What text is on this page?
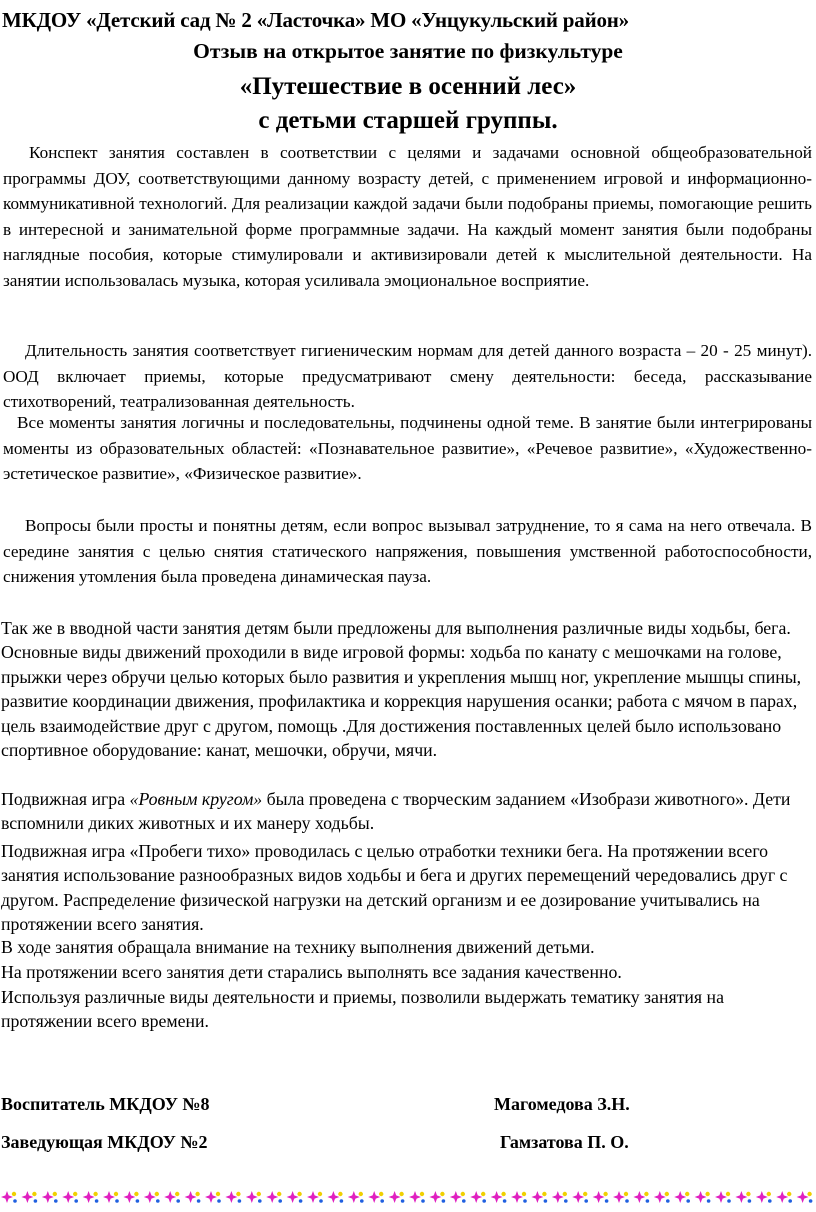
МКДОУ «Детский сад № 2 «Ласточка» МО «Унцукульский район»
Отзыв на открытое занятие по физкультуре
«Путешествие в осенний лес»
с детьми старшей группы.
Конспект занятия составлен в соответствии с целями и задачами основной общеобразовательной программы ДОУ, соответствующими данному возрасту детей, с применением игровой и информационно-коммуникативной технологий. Для реализации каждой задачи были подобраны приемы, помогающие решить в интересной и занимательной форме программные задачи. На каждый момент занятия были подобраны наглядные пособия, которые стимулировали и активизировали детей к мыслительной деятельности. На занятии использовалась музыка, которая усиливала эмоциональное восприятие.
Длительность занятия соответствует гигиеническим нормам для детей данного возраста – 20 - 25 минут). ООД включает приемы, которые предусматривают смену деятельности: беседа, рассказывание стихотворений, театрализованная деятельность.
Все моменты занятия логичны и последовательны, подчинены одной теме. В занятие были интегрированы моменты из образовательных областей: «Познавательное развитие», «Речевое развитие», «Художественно-эстетическое развитие», «Физическое развитие».
Вопросы были просты и понятны детям, если вопрос вызывал затруднение, то я сама на него отвечала. В середине занятия с целью снятия статического напряжения, повышения умственной работоспособности, снижения утомления была проведена динамическая пауза.
Так же в вводной части занятия детям были предложены для выполнения различные виды ходьбы, бега. Основные виды движений проходили в виде игровой формы: ходьба по канату с мешочками на голове, прыжки через обручи целью которых было развития и укрепления мышц ног, укрепление мышцы спины, развитие координации движения, профилактика и коррекция нарушения осанки; работа с мячом в парах, цель взаимодействие друг с другом, помощь .Для достижения поставленных целей было использовано спортивное оборудование: канат, мешочки, обручи, мячи.
Подвижная игра «Ровным кругом» была проведена с творческим заданием «Изобрази животного». Дети вспомнили диких животных и их манеру ходьбы.
Подвижная игра «Пробеги тихо» проводилась с целью отработки техники бега. На протяжении всего занятия использование разнообразных видов ходьбы и бега и других перемещений чередовались друг с другом. Распределение физической нагрузки на детский организм и ее дозирование учитывались на протяжении всего занятия.
В ходе занятия обращала внимание на технику выполнения движений детьми.
На протяжении всего занятия дети старались выполнять все задания качественно.
Используя различные виды деятельности и приемы, позволили выдержать тематику занятия на протяжении всего времени.
Воспитатель МКДОУ №8	Магомедова З.Н.
Заведующая МКДОУ №2	Гамзатова П. О.
